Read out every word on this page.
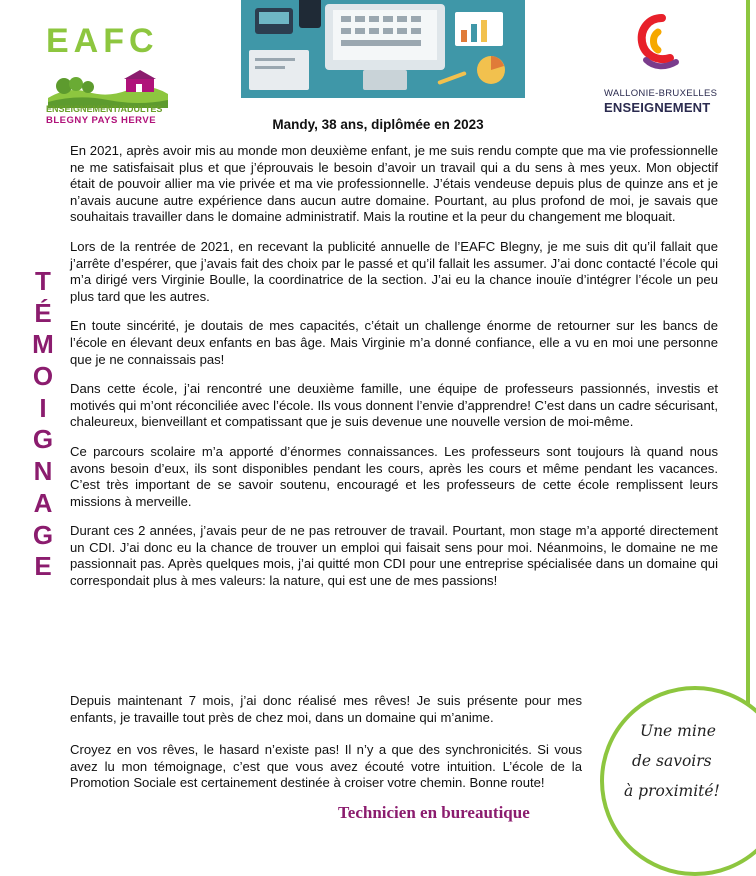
EAFC
ENSEIGNEMENT/ADULTES
BLEGNY PAYS HERVE
WALLONIE-BRUXELLES
ENSEIGNEMENT
Mandy, 38 ans, diplômée en 2023
T
É
M
O
I
G
N
A
G
E

En 2021, après avoir mis au monde mon deuxième enfant, je me suis rendu compte que ma vie professionnelle ne me satisfaisait plus et que j’éprouvais le besoin d’avoir un travail qui a du sens à mes yeux. Mon objectif était de pouvoir allier ma vie privée et ma vie professionnelle. J’étais vendeuse depuis plus de quinze ans et je n’avais aucune autre expérience dans aucun autre domaine. Pourtant, au plus profond de moi, je savais que souhaitais travailler dans le domaine administratif. Mais la routine et la peur du changement me bloquait.

Lors de la rentrée de 2021, en recevant la publicité annuelle de l’EAFC Blegny, je me suis dit qu’il fallait que j’arrête d’espérer, que j’avais fait des choix par le passé et qu’il fallait les assumer. J’ai donc contacté l’école qui m’a dirigé vers Virginie Boulle, la coordinatrice de la section. J’ai eu la chance inouïe d’intégrer l’école un peu plus tard que les autres.

En toute sincérité, je doutais de mes capacités, c’était un challenge énorme de retourner sur les bancs de l’école en élevant deux enfants en bas âge. Mais Virginie m’a donné confiance, elle a vu en moi une personne que je ne connaissais pas!

Dans cette école, j’ai rencontré une deuxième famille, une équipe de professeurs passionnés, investis et motivés qui m’ont réconciliée avec l’école. Ils vous donnent l’envie d’apprendre! C’est dans un cadre sécurisant, chaleureux, bienveillant et compatissant que je suis devenue une nouvelle version de moi-même.

Ce parcours scolaire m’a apporté d’énormes connaissances. Les professeurs sont toujours là quand nous avons besoin d’eux, ils sont disponibles pendant les cours, après les cours et même pendant les vacances. C’est très important de se savoir soutenu, encouragé et les professeurs de cette école remplissent leurs missions à merveille.

Durant ces 2 années, j’avais peur de ne pas retrouver de travail. Pourtant, mon stage m’a apporté directement un CDI. J’ai donc eu la chance de trouver un emploi qui faisait sens pour moi. Néanmoins, le domaine ne me passionnait pas. Après quelques mois, j’ai quitté mon CDI pour une entreprise spécialisée dans un domaine qui correspondait plus à mes valeurs: la nature, qui est une de mes passions!

Depuis maintenant 7 mois, j’ai donc réalisé mes rêves! Je suis présente pour mes enfants, je travaille tout près de chez moi, dans un domaine qui m’anime.

Croyez en vos rêves, le hasard n’existe pas! Il n’y a que des synchronicités. Si vous avez lu mon témoignage, c’est que vous avez écouté votre intuition. L’école de la Promotion Sociale est certainement destinée à croiser votre chemin. Bonne route!

Une mine
de savoirs
à proximité!
Technicien en bureautique
